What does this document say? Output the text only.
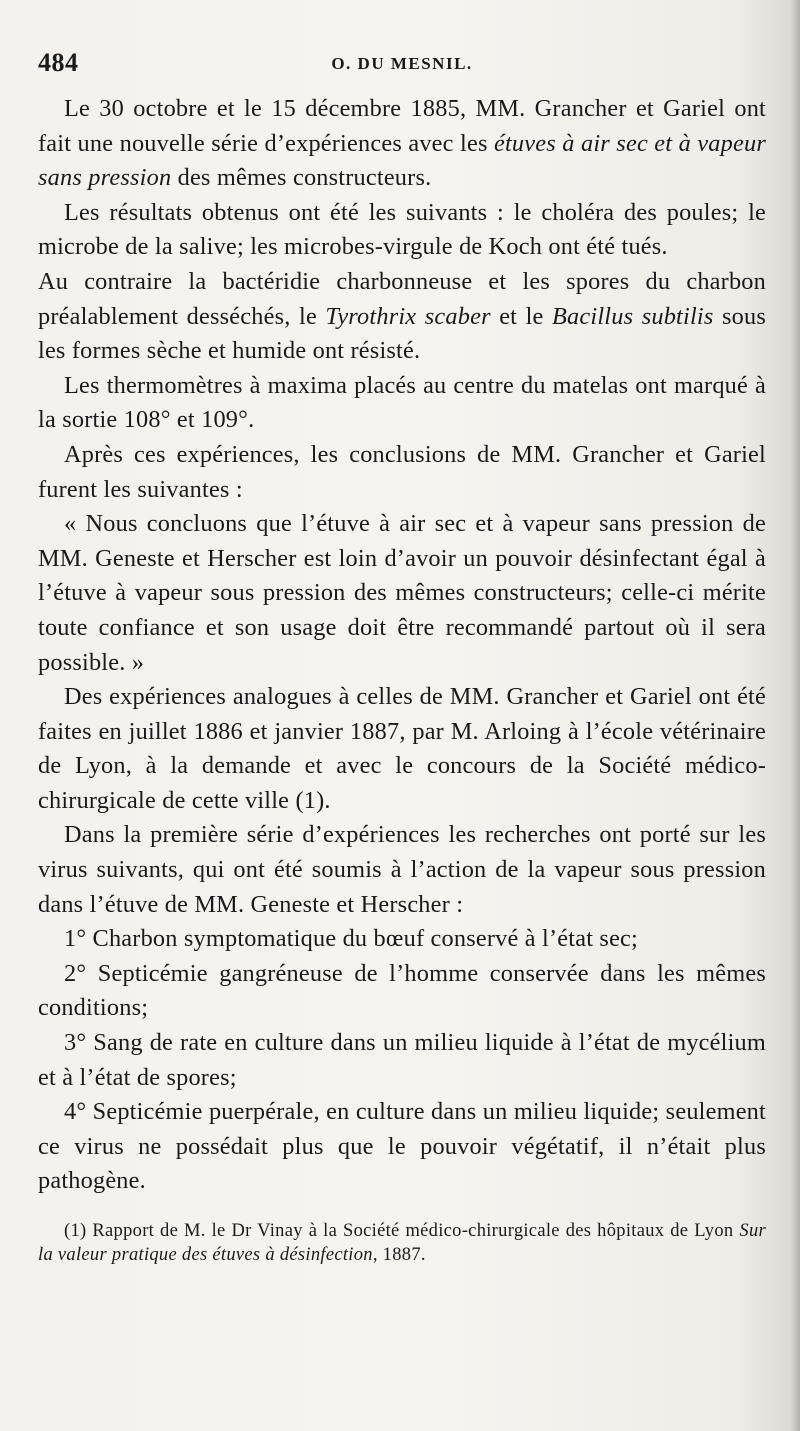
484	O. DU MESNIL.

Le 30 octobre et le 15 décembre 1885, MM. Grancher et Gariel ont fait une nouvelle série d’expériences avec les étuves à air sec et à vapeur sans pression des mêmes constructeurs.

Les résultats obtenus ont été les suivants : le choléra des poules; le microbe de la salive; les microbes-virgule de Koch ont été tués.

Au contraire la bactéridie charbonneuse et les spores du charbon préalablement desséchés, le Tyrothrix scaber et le Bacillus subtilis sous les formes sèche et humide ont résisté.

Les thermomètres à maxima placés au centre du matelas ont marqué à la sortie 108° et 109°.

Après ces expériences, les conclusions de MM. Grancher et Gariel furent les suivantes :

« Nous concluons que l’étuve à air sec et à vapeur sans pression de MM. Geneste et Herscher est loin d’avoir un pouvoir désinfectant égal à l’étuve à vapeur sous pression des mêmes constructeurs; celle-ci mérite toute confiance et son usage doit être recommandé partout où il sera possible. »

Des expériences analogues à celles de MM. Grancher et Gariel ont été faites en juillet 1886 et janvier 1887, par M. Arloing à l’école vétérinaire de Lyon, à la demande et avec le concours de la Société médico-chirurgicale de cette ville (1).

Dans la première série d’expériences les recherches ont porté sur les virus suivants, qui ont été soumis à l’action de la vapeur sous pression dans l’étuve de MM. Geneste et Herscher :

1° Charbon symptomatique du bœuf conservé à l’état sec;

2° Septicémie gangréneuse de l’homme conservée dans les mêmes conditions;

3° Sang de rate en culture dans un milieu liquide à l’état de mycélium et à l’état de spores;

4° Septicémie puerpérale, en culture dans un milieu liquide; seulement ce virus ne possédait plus que le pouvoir végétatif, il n’était plus pathogène.

(1) Rapport de M. le Dr Vinay à la Société médico-chirurgicale des hôpitaux de Lyon Sur la valeur pratique des étuves à désinfection, 1887.
